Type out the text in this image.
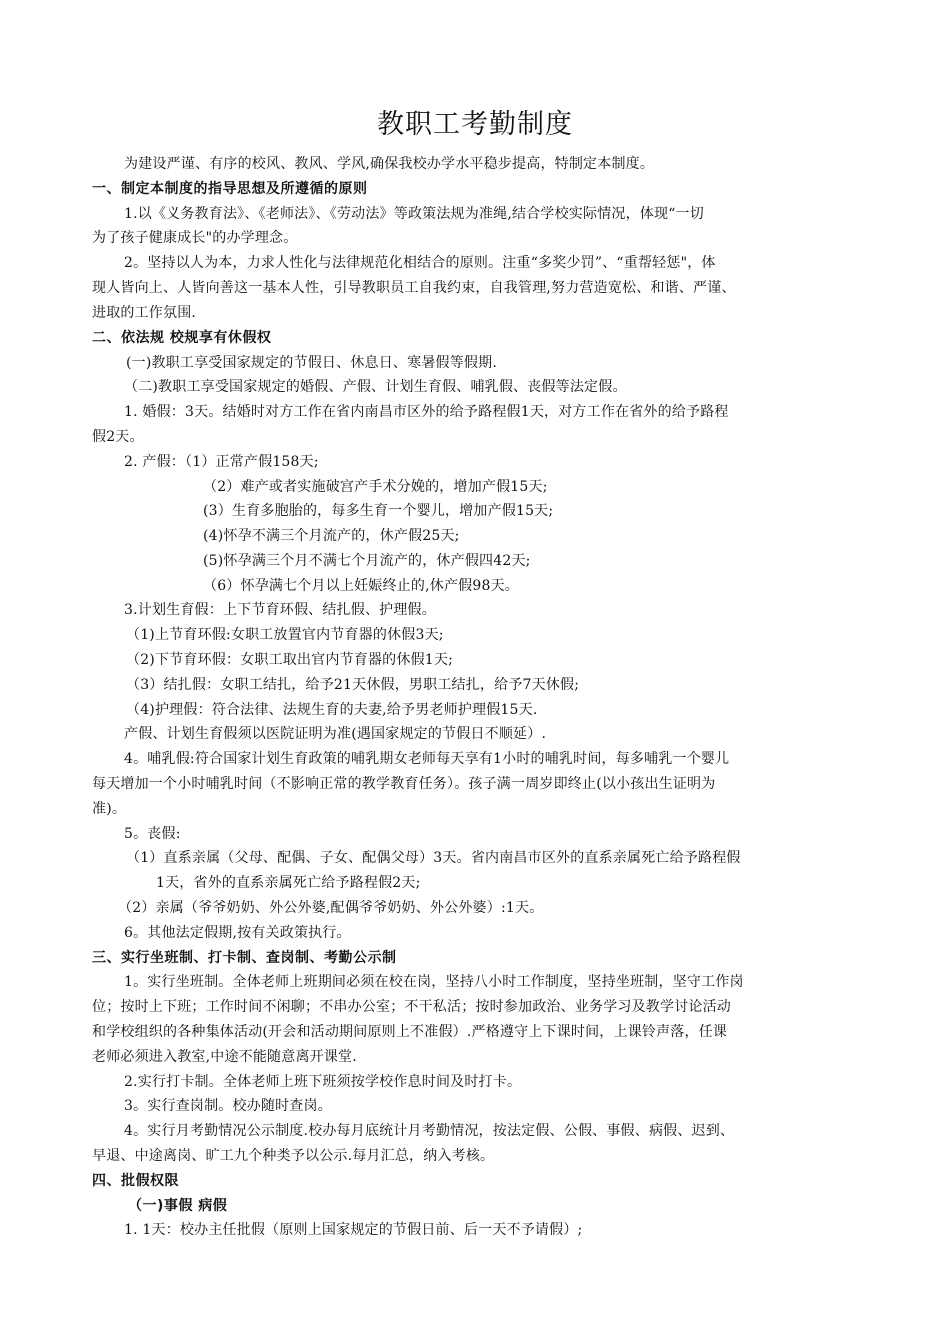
教职工考勤制度
为建设严谨、有序的校风、教风、学风,确保我校办学水平稳步提高，特制定本制度。
一、制定本制度的指导思想及所遵循的原则
1.以《义务教育法》、《老师法》、《劳动法》等政策法规为准绳,结合学校实际情况，体现“一切
为了孩子健康成长"的办学理念。
2。坚持以人为本，力求人性化与法律规范化相结合的原则。注重“多奖少罚”、“重帮轻惩"，体
现人皆向上、人皆向善这一基本人性，引导教职员工自我约束，自我管理,努力营造宽松、和谐、严谨、
进取的工作氛围.
二、依法规 校规享有休假权
(一)教职工享受国家规定的节假日、休息日、寒暑假等假期.
（二)教职工享受国家规定的婚假、产假、计划生育假、哺乳假、丧假等法定假。
1. 婚假：3天。结婚时对方工作在省内南昌市区外的给予路程假1天，对方工作在省外的给予路程
假2天。
2. 产假：（1）正常产假158天;
（2）难产或者实施破宫产手术分娩的，增加产假15天;
(3）生育多胞胎的，每多生育一个婴儿，增加产假15天;
(4)怀孕不满三个月流产的，休产假25天;
(5)怀孕满三个月不满七个月流产的，休产假四42天;
（6）怀孕满七个月以上妊娠终止的,休产假98天。
3.计划生育假：上下节育环假、结扎假、护理假。
（1)上节育环假:女职工放置官内节育器的休假3天;
（2)下节育环假：女职工取出官内节育器的休假1天;
（3）结扎假：女职工结扎，给予21天休假，男职工结扎，给予7天休假;
（4)护理假：符合法律、法规生育的夫妻,给予男老师护理假15天.
产假、计划生育假须以医院证明为准(遇国家规定的节假日不顺延）.
4。哺乳假:符合国家计划生育政策的哺乳期女老师每天享有1小时的哺乳时间，每多哺乳一个婴儿
每天增加一个小时哺乳时间（不影响正常的教学教育任务）。孩子满一周岁即终止(以小孩出生证明为
准)。
5。丧假:
（1）直系亲属（父母、配偶、子女、配偶父母）3天。省内南昌市区外的直系亲属死亡给予路程假
1天，省外的直系亲属死亡给予路程假2天;
（2）亲属（爷爷奶奶、外公外婆,配偶爷爷奶奶、外公外婆）:1天。
6。其他法定假期,按有关政策执行。
三、实行坐班制、打卡制、查岗制、考勤公示制
1。实行坐班制。全体老师上班期间必须在校在岗，坚持八小时工作制度，坚持坐班制，坚守工作岗
位；按时上下班；工作时间不闲聊；不串办公室；不干私活；按时参加政治、业务学习及教学讨论活动
和学校组织的各种集体活动(开会和活动期间原则上不准假）.严格遵守上下课时间，上课铃声落，任课
老师必须进入教室,中途不能随意离开课堂.
2.实行打卡制。全体老师上班下班须按学校作息时间及时打卡。
3。实行查岗制。校办随时查岗。
4。实行月考勤情况公示制度.校办每月底统计月考勤情况，按法定假、公假、事假、病假、迟到、
早退、中途离岗、旷工九个种类予以公示.每月汇总，纳入考核。
四、批假权限
（一)事假 病假
1. 1天：校办主任批假（原则上国家规定的节假日前、后一天不予请假）;
